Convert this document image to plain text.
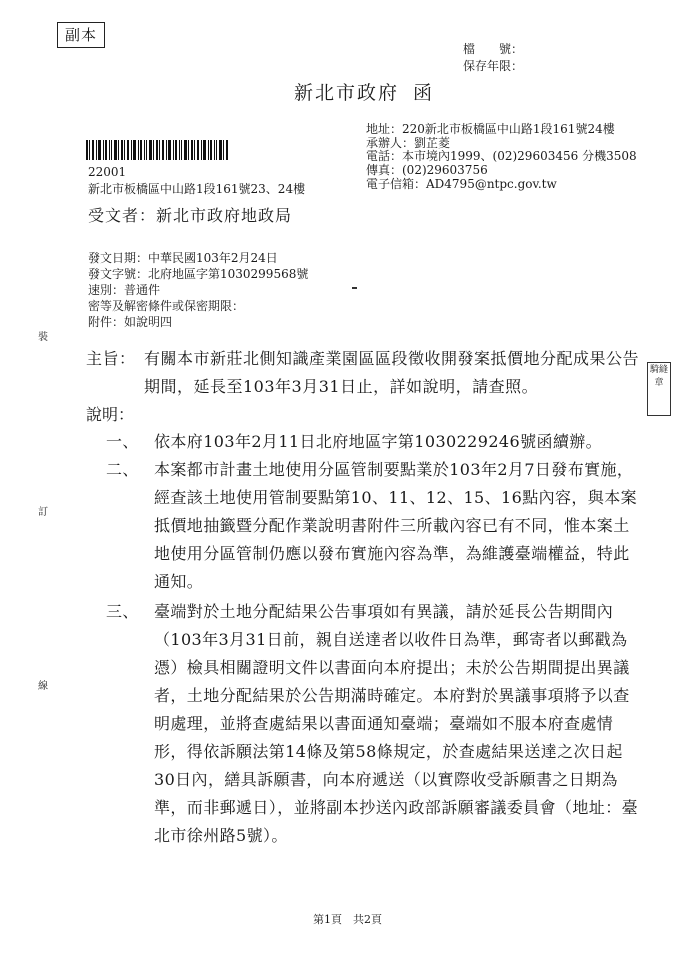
副本
檔　　號：
保存年限：
新北市政府 函
地址：220新北市板橋區中山路1段161號24樓
承辦人：劉芷菱
電話：本市境內1999、(02)29603456 分機3508
傳真：(02)29603756
電子信箱：AD4795@ntpc.gov.tw
22001
新北市板橋區中山路1段161號23、24樓
受文者：新北市政府地政局
發文日期：中華民國103年2月24日
發文字號：北府地區字第1030299568號
速別：普通件
密等及解密條件或保密期限：
附件：如說明四
主旨： 有關本市新莊北側知識產業園區區段徵收開發案抵價地分配成果公告期間，延長至103年3月31日止，詳如說明，請查照。
說明：
一、 依本府103年2月11日北府地區字第1030229246號函續辦。
二、 本案都市計畫土地使用分區管制要點業於103年2月7日發布實施，經查該土地使用管制要點第10、11、12、15、16點內容，與本案抵價地抽籤暨分配作業說明書附件三所載內容已有不同，惟本案土地使用分區管制仍應以發布實施內容為準，為維護臺端權益，特此通知。
三、 臺端對於土地分配結果公告事項如有異議，請於延長公告期間內（103年3月31日前，親自送達者以收件日為準，郵寄者以郵戳為憑）檢具相關證明文件以書面向本府提出；未於公告期間提出異議者，土地分配結果於公告期滿時確定。本府對於異議事項將予以查明處理，並將查處結果以書面通知臺端；臺端如不服本府查處情形，得依訴願法第14條及第58條規定，於查處結果送達之次日起30日內，繕具訴願書，向本府遞送（以實際收受訴願書之日期為準，而非郵遞日），並將副本抄送內政部訴願審議委員會（地址：臺北市徐州路5號）。
裝
訂
線
騎縫章
第1頁　 共2頁
